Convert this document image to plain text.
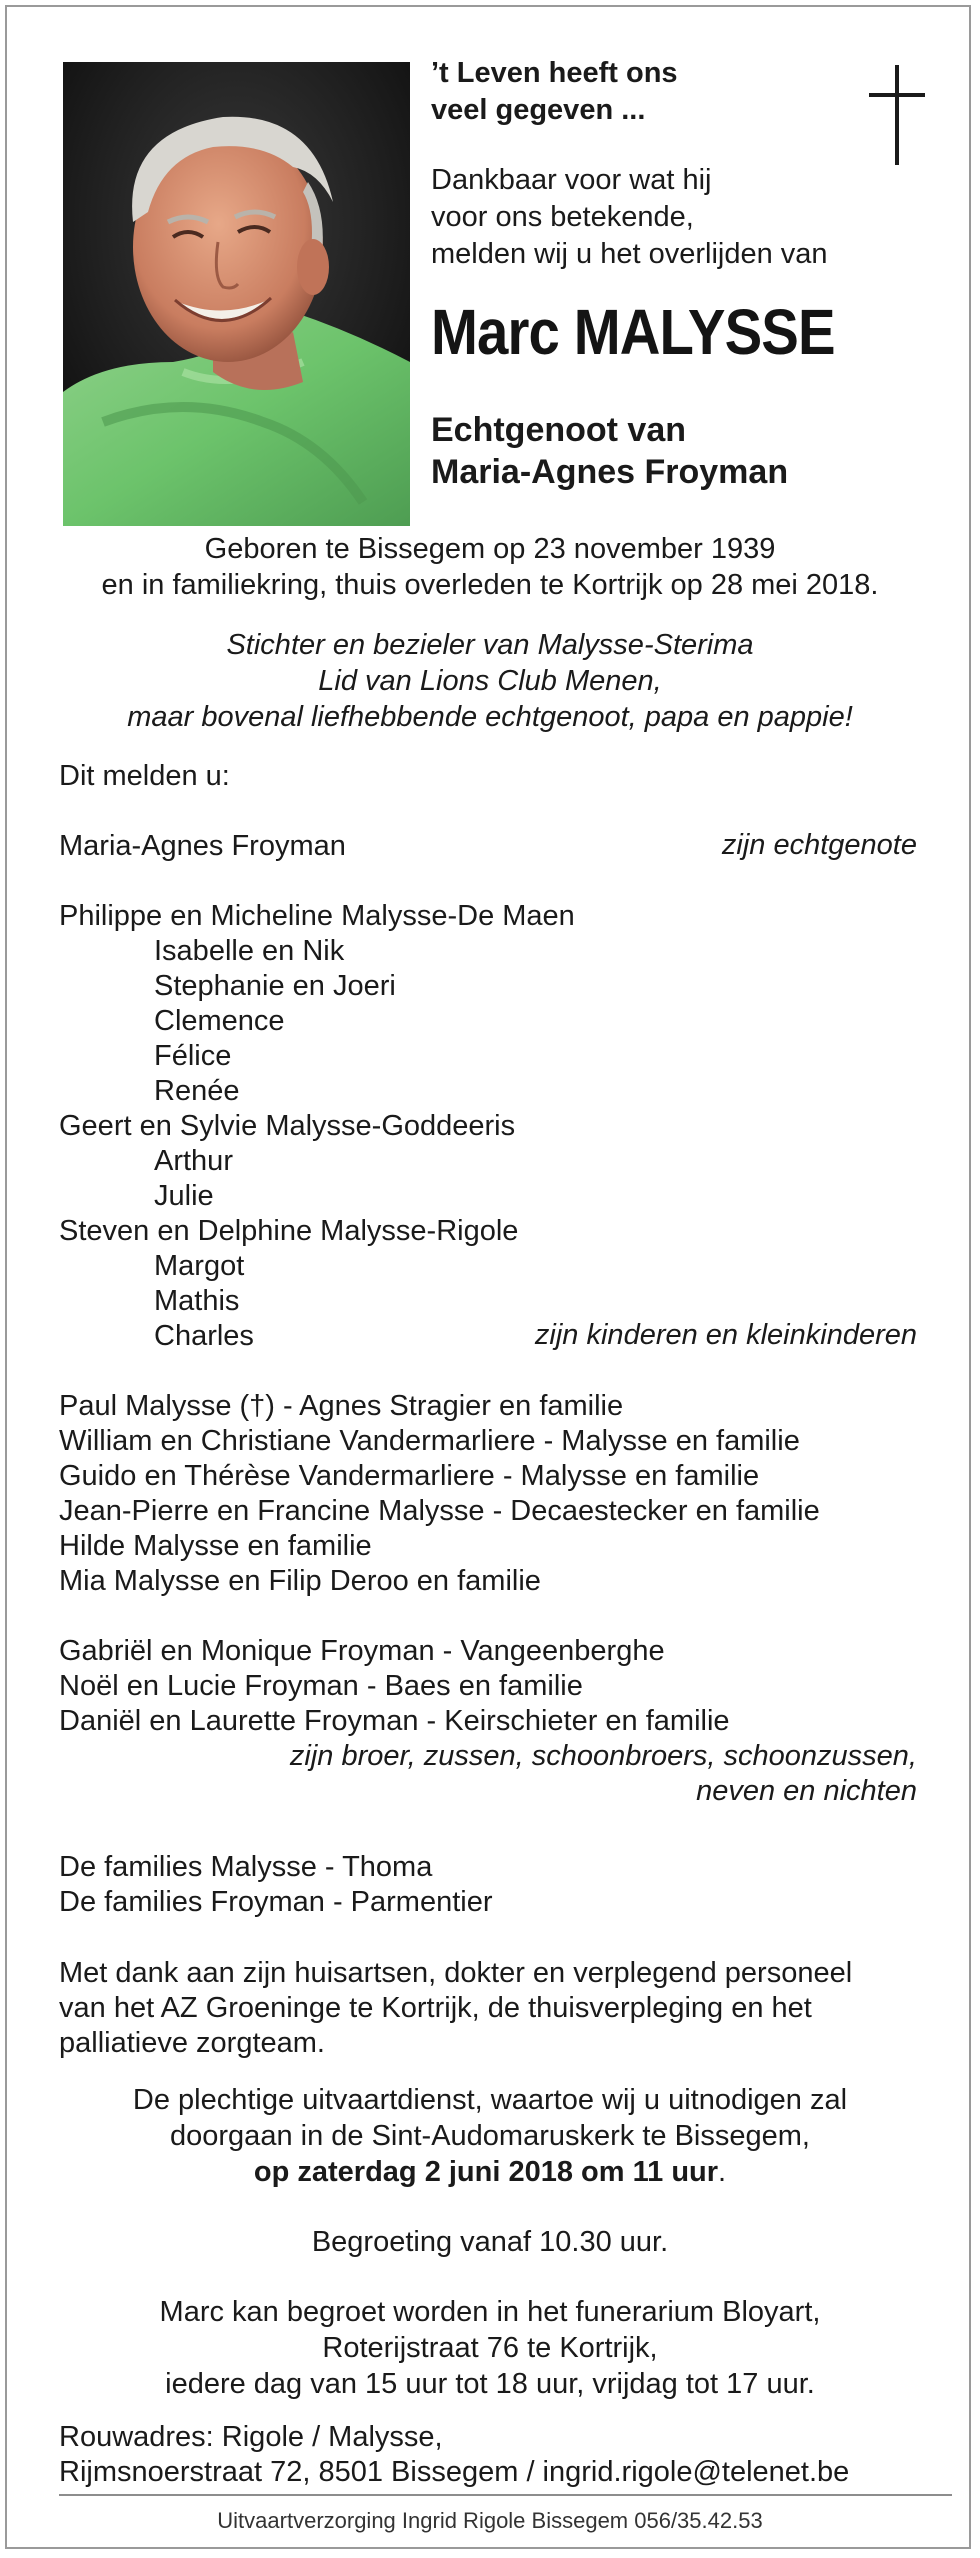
’t Leven heeft ons
veel gegeven ...
Dankbaar voor wat hij
voor ons betekende,
melden wij u het overlijden van
Marc MALYSSE
Echtgenoot van
Maria-Agnes Froyman
Geboren te Bissegem op 23 november 1939
en in familiekring, thuis overleden te Kortrijk op 28 mei 2018.
Stichter en bezieler van Malysse-Sterima
Lid van Lions Club Menen,
maar bovenal liefhebbende echtgenoot, papa en pappie!
Dit melden u:
Maria-Agnes Froyman	zijn echtgenote
Philippe en Micheline Malysse-De Maen
Isabelle en Nik
Stephanie en Joeri
Clemence
Félice
Renée
Geert en Sylvie Malysse-Goddeeris
Arthur
Julie
Steven en Delphine Malysse-Rigole
Margot
Mathis
Charles	zijn kinderen en kleinkinderen
Paul Malysse (†) - Agnes Stragier en familie
William en Christiane Vandermarliere - Malysse en familie
Guido en Thérèse Vandermarliere - Malysse en familie
Jean-Pierre en Francine Malysse - Decaestecker en familie
Hilde Malysse en familie
Mia Malysse en Filip Deroo en familie
Gabriël en Monique Froyman - Vangeenberghe
Noël en Lucie Froyman - Baes en familie
Daniël en Laurette Froyman - Keirschieter en familie
zijn broer, zussen, schoonbroers, schoonzussen,
neven en nichten
De families Malysse - Thoma
De families Froyman - Parmentier
Met dank aan zijn huisartsen, dokter en verplegend personeel
van het AZ Groeninge te Kortrijk, de thuisverpleging en het
palliatieve zorgteam.
De plechtige uitvaartdienst, waartoe wij u uitnodigen zal
doorgaan in de Sint-Audomaruskerk te Bissegem,
op zaterdag 2 juni 2018 om 11 uur.
Begroeting vanaf 10.30 uur.
Marc kan begroet worden in het funerarium Bloyart,
Roterijstraat 76 te Kortrijk,
iedere dag van 15 uur tot 18 uur, vrijdag tot 17 uur.
Rouwadres: Rigole / Malysse,
Rijmsnoerstraat 72, 8501 Bissegem / ingrid.rigole@telenet.be
Uitvaartverzorging Ingrid Rigole Bissegem 056/35.42.53
